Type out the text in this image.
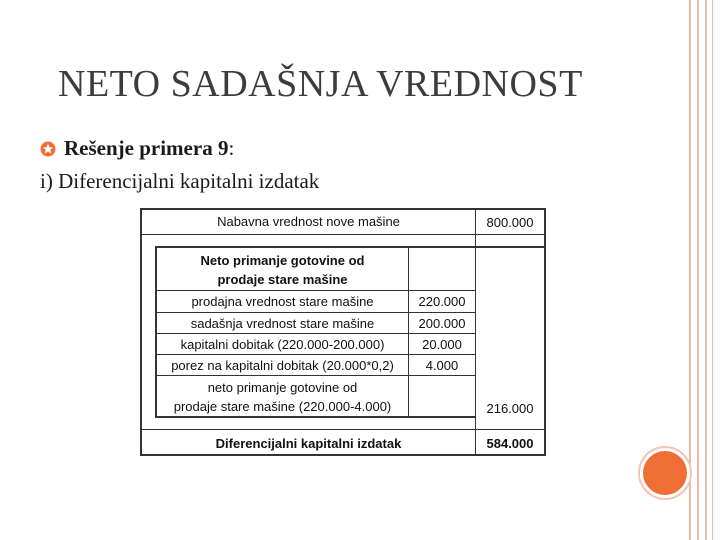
NETO SADAŠNJA VREDNOST
Rešenje primera 9:
i) Diferencijalni kapitalni izdatak
Nabavna vrednost nove mašine	800.000
Neto primanje gotovine od
prodaje stare mašine
prodajna vrednost stare mašine	220.000
sadašnja vrednost stare mašine	200.000
kapitalni dobitak (220.000-200.000)	20.000
porez na kapitalni dobitak (20.000*0,2)	4.000
neto primanje gotovine od
prodaje stare mašine (220.000-4.000)	216.000
Diferencijalni kapitalni izdatak	584.000
